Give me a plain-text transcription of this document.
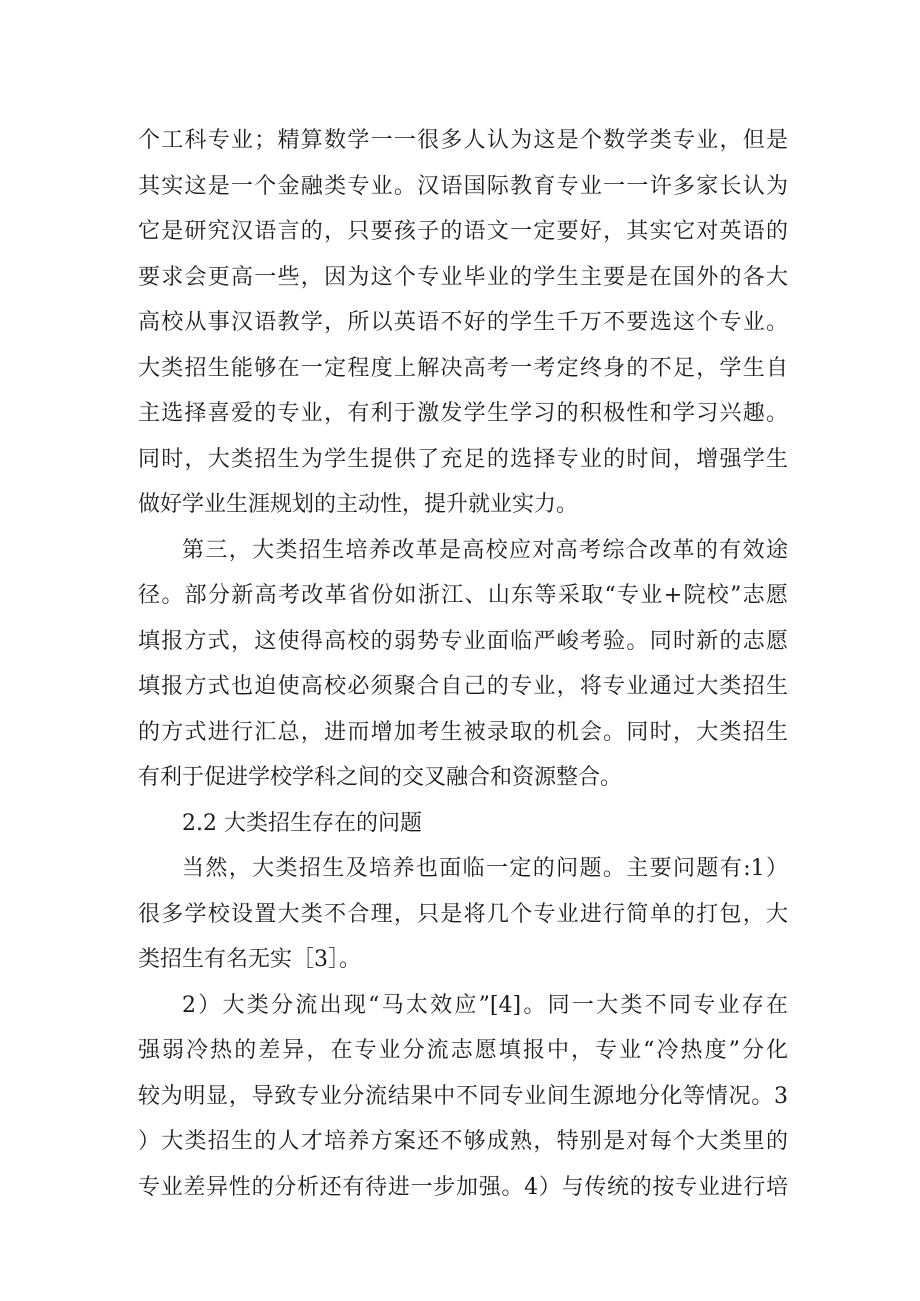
个工科专业；精算数学一一很多人认为这是个数学类专业，但是
其实这是一个金融类专业。汉语国际教育专业一一许多家长认为
它是研究汉语言的，只要孩子的语文一定要好，其实它对英语的
要求会更高一些，因为这个专业毕业的学生主要是在国外的各大
高校从事汉语教学，所以英语不好的学生千万不要选这个专业。
大类招生能够在一定程度上解决高考一考定终身的不足，学生自
主选择喜爱的专业，有利于激发学生学习的积极性和学习兴趣。
同时，大类招生为学生提供了充足的选择专业的时间，增强学生
做好学业生涯规划的主动性，提升就业实力。
第三，大类招生培养改革是高校应对高考综合改革的有效途
径。部分新高考改革省份如浙江、山东等采取“专业+院校”志愿
填报方式，这使得高校的弱势专业面临严峻考验。同时新的志愿
填报方式也迫使高校必须聚合自己的专业，将专业通过大类招生
的方式进行汇总，进而增加考生被录取的机会。同时，大类招生
有利于促进学校学科之间的交叉融合和资源整合。
2.2 大类招生存在的问题
当然，大类招生及培养也面临一定的问题。主要问题有:1）
很多学校设置大类不合理，只是将几个专业进行简单的打包，大
类招生有名无实［3］。
2）大类分流出现“马太效应”[4]。同一大类不同专业存在
强弱冷热的差异，在专业分流志愿填报中，专业“冷热度”分化
较为明显，导致专业分流结果中不同专业间生源地分化等情况。3
）大类招生的人才培养方案还不够成熟，特别是对每个大类里的
专业差异性的分析还有待进一步加强。4）与传统的按专业进行培
